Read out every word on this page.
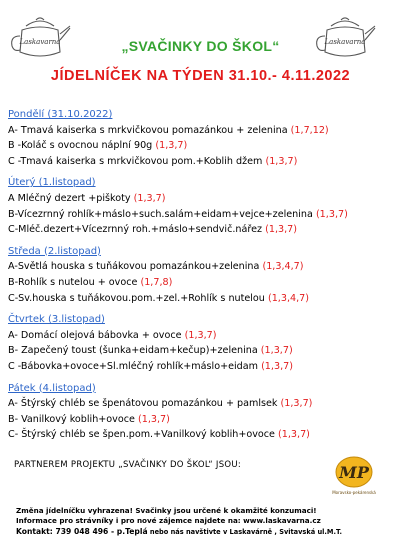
Laskavarna	Laskavarna
„SVAČINKY DO ŠKOL“
JÍDELNÍČEK NA TÝDEN 31.10.- 4.11.2022
Pondělí (31.10.2022)
A- Tmavá kaiserka s mrkvičkovou pomazánkou + zelenina (1,7,12)
B -Koláč s ovocnou náplní 90g (1,3,7)
C -Tmavá kaiserka s mrkvičkovou pom.+Koblih džem (1,3,7)
Úterý (1.listopad)
A Mléčný dezert +piškoty (1,3,7)
B-Vícezrnný rohlík+máslo+such.salám+eidam+vejce+zelenina (1,3,7)
C-Mléč.dezert+Vícezrnný roh.+máslo+sendvič.nářez (1,3,7)
Středa (2.listopad)
A-Světlá houska s tuňákovou pomazánkou+zelenina (1,3,4,7)
B-Rohlík s nutelou + ovoce (1,7,8)
C-Sv.houska s tuňákovou.pom.+zel.+Rohlík s nutelou (1,3,4,7)
Čtvrtek (3.listopad)
A- Domácí olejová bábovka + ovoce (1,3,7)
B- Zapečený toust (šunka+eidam+kečup)+zelenina (1,3,7)
C -Bábovka+ovoce+Sl.mléčný rohlík+máslo+eidam (1,3,7)
Pátek (4.listopad)
A- Štýrský chléb se špenátovou pomazánkou + pamlsek (1,3,7)
B- Vanilkový koblih+ovoce (1,3,7)
C- Štýrský chléb se špen.pom.+Vanilkový koblih+ovoce (1,3,7)
PARTNEREM PROJEKTU „SVAČINKY DO ŠKOL“ JSOU:	MP
Moravsko-pekárenská
Změna jídelníčku vyhrazena! Svačinky jsou určené k okamžité konzumaci!
Informace pro strávníky i pro nové zájemce najdete na: www.laskavarna.cz
Kontakt: 739 048 496 - p.Teplá nebo nás navštivte v Laskavárně , Svitavská ul.M.T.
